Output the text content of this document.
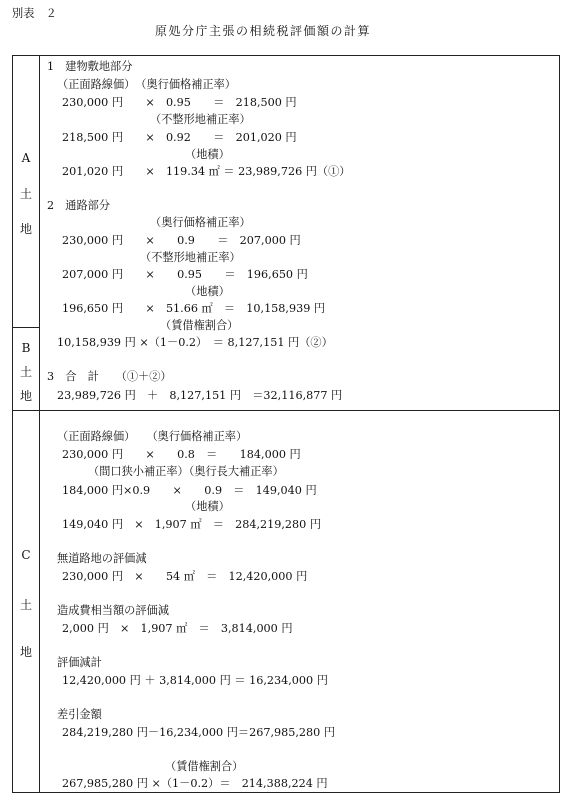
別表　２
原処分庁主張の相続税評価額の計算
A
土
地
B
土
地
C
土
地
1　建物敷地部分
（正面路線価）　（奥行価格補正率）
230,000 円　　×　0.95　　＝　218,500 円
（不整形地補正率）
218,500 円　　×　0.92　　＝　201,020 円
（地積）
201,020 円　　×　119.34 ㎡ ＝ 23,989,726 円（①）
2　通路部分
（奥行価格補正率）
230,000 円　　×　　0.9　　＝　207,000 円
（不整形地補正率）
207,000 円　　×　　0.95　　＝　196,650 円
（地積）
196,650 円　　×　51.66 ㎡　＝　10,158,939 円
（賃借権割合）
10,158,939 円 ×（1－0.2）　＝ 8,127,151 円（②）
3　合　計　　（①＋②）
23,989,726 円　＋　8,127,151 円　＝32,116,877 円
（正面路線価）　　（奥行価格補正率）
230,000 円　　×　　0.8　＝　　184,000 円
（間口狭小補正率）（奥行長大補正率）
184,000 円×0.9　　×　　0.9　＝　149,040 円
（地積）
149,040 円　×　1,907 ㎡　＝　284,219,280 円
無道路地の評価減
230,000 円　×　　54 ㎡　＝　12,420,000 円
造成費相当額の評価減
2,000 円　×　1,907 ㎡　＝　3,814,000 円
評価減計
12,420,000 円 ＋ 3,814,000 円 ＝ 16,234,000 円
差引金額
284,219,280 円－16,234,000 円＝267,985,280 円
（賃借権割合）
267,985,280 円 ×（1－0.2）＝　214,388,224 円
